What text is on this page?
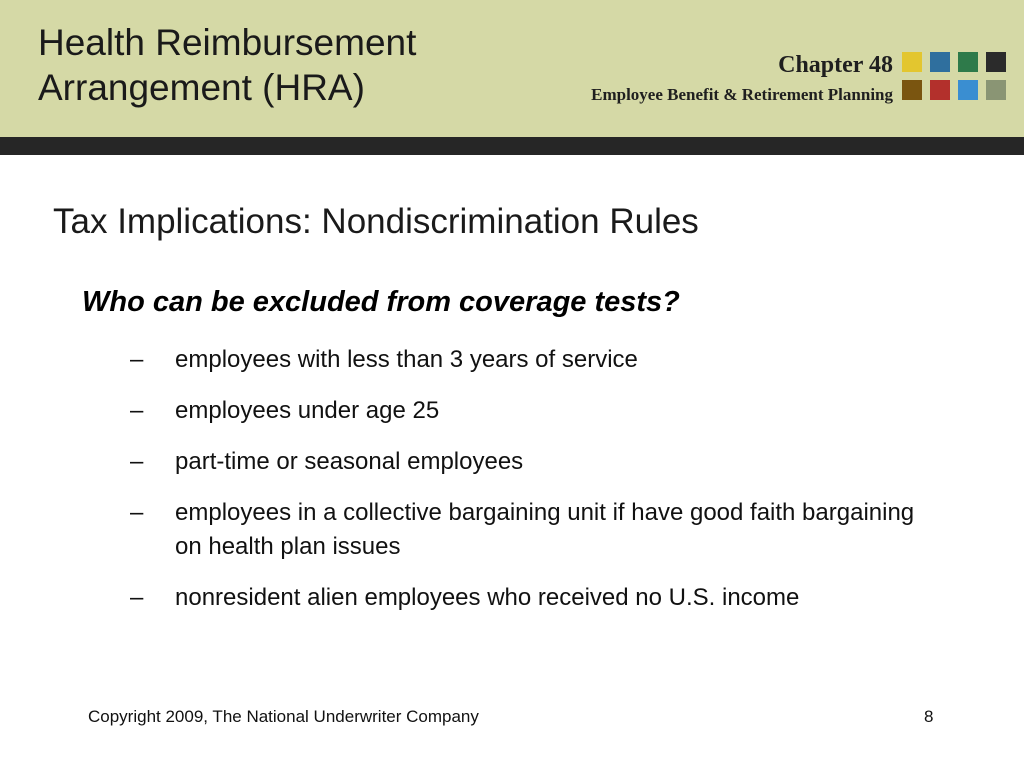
Health Reimbursement
Arrangement (HRA)
Chapter 48
Employee Benefit & Retirement Planning
Tax Implications: Nondiscrimination Rules
Who can be excluded from coverage tests?
–	employees with less than 3 years of service
–	employees under age 25
–	part-time or seasonal employees
–	employees in a collective bargaining unit if have good faith bargaining on health plan issues
–	nonresident alien employees who received no U.S. income
Copyright 2009, The National Underwriter Company	8
